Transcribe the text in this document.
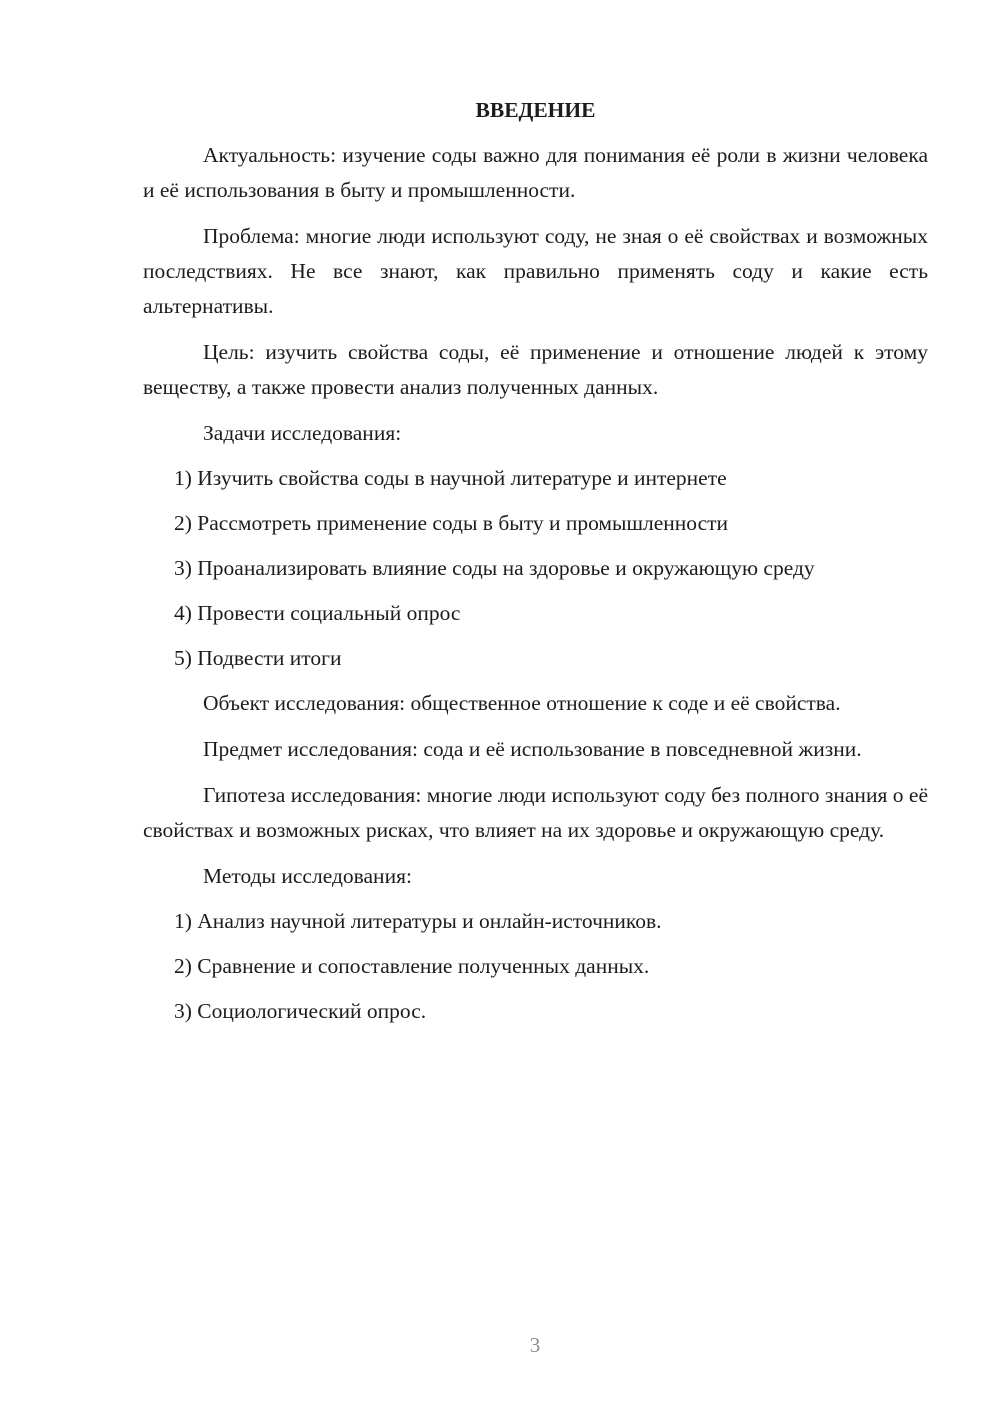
ВВЕДЕНИЕ

Актуальность: изучение соды важно для понимания её роли в жизни человека и её использования в быту и промышленности.

Проблема: многие люди используют соду, не зная о её свойствах и возможных последствиях. Не все знают, как правильно применять соду и какие есть альтернативы.

Цель: изучить свойства соды, её применение и отношение людей к этому веществу, а также провести анализ полученных данных.

Задачи исследования:

1) Изучить свойства соды в научной литературе и интернете
2) Рассмотреть применение соды в быту и промышленности
3) Проанализировать влияние соды на здоровье и окружающую среду
4) Провести социальный опрос
5) Подвести итоги

Объект исследования: общественное отношение к соде и её свойства.

Предмет исследования: сода и её использование в повседневной жизни.

Гипотеза исследования: многие люди используют соду без полного знания о её свойствах и возможных рисках, что влияет на их здоровье и окружающую среду.

Методы исследования:

1) Анализ научной литературы и онлайн-источников.
2) Сравнение и сопоставление полученных данных.
3) Социологический опрос.
3
